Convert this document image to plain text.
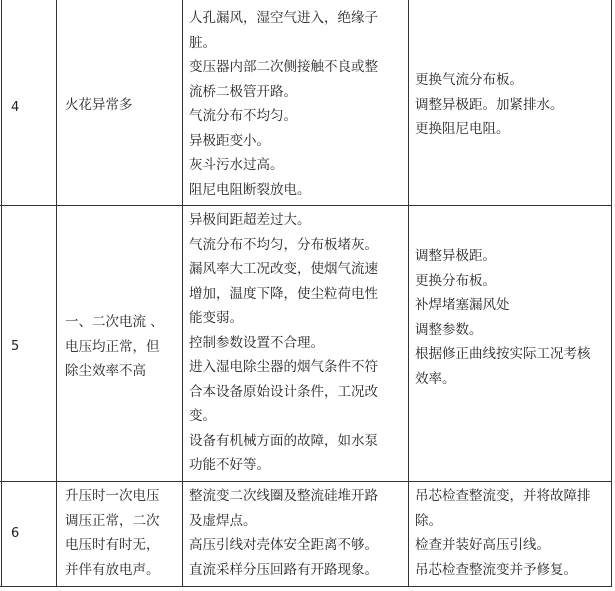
4	火花异常多
人孔漏风，湿空气进入，绝缘子
脏。
变压器内部二次侧接触不良或整
流桥二极管开路。
气流分布不均匀。
异极距变小。
灰斗污水过高。
阻尼电阻断裂放电。
更换气流分布板。
调整异极距。加紧排水。
更换阻尼电阻。
5
一、二次电流 、
电压均正常，但
除尘效率不高
异极间距超差过大。
气流分布不均匀，分布板堵灰。
漏风率大工况改变，使烟气流速
增加，温度下降，使尘粒荷电性
能变弱。
控制参数设置不合理。
进入湿电除尘器的烟气条件不符
合本设备原始设计条件，工况改
变。
设备有机械方面的故障，如水泵
功能不好等。
调整异极距。
更换分布板。
补焊堵塞漏风处
调整参数。
根据修正曲线按实际工况考核
效率。
6
升压时一次电压
调压正常，二次
电压时有时无，
并伴有放电声。
整流变二次线圈及整流硅堆开路
及虚焊点。
高压引线对壳体安全距离不够。
直流采样分压回路有开路现象。
吊芯检查整流变，并将故障排
除。
检查并装好高压引线。
吊芯检查整流变并予修复。
